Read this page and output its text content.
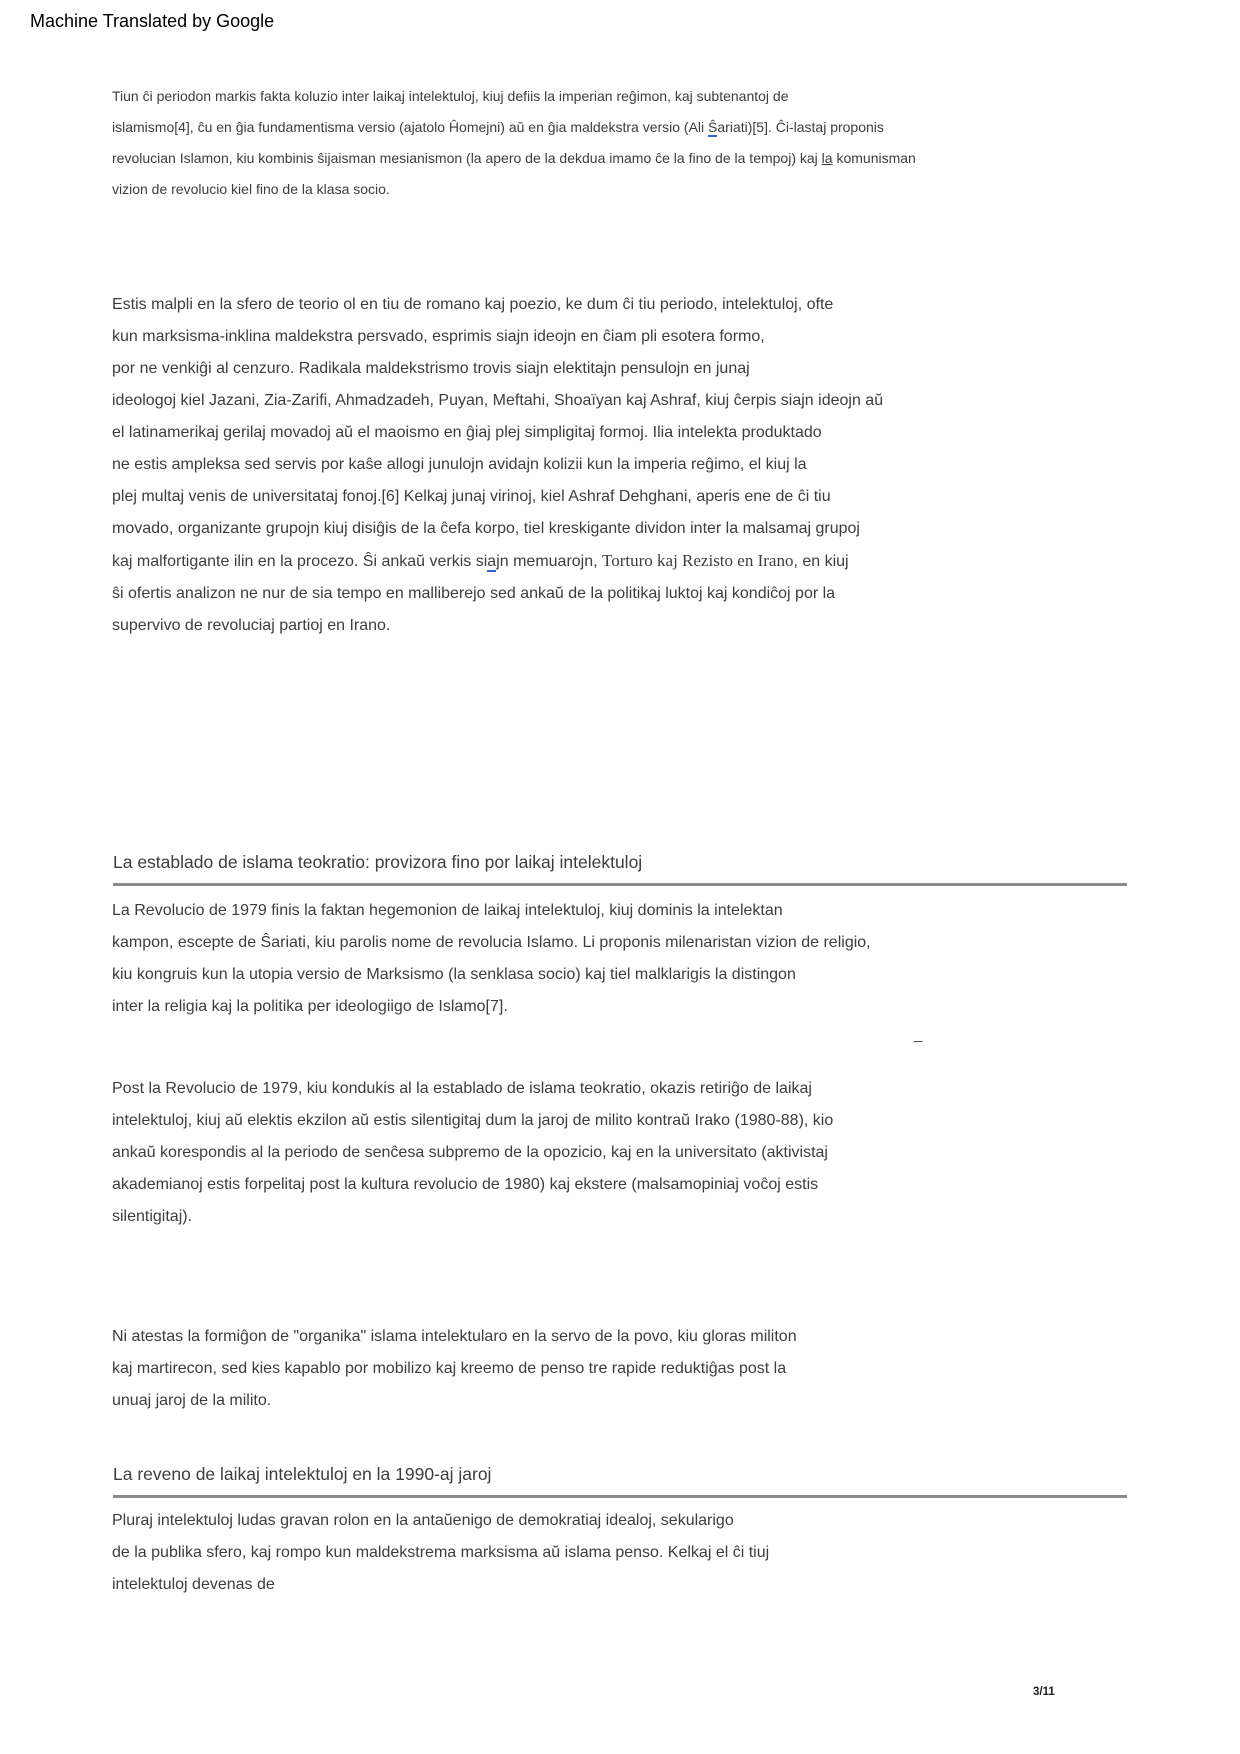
Machine Translated by Google
Tiun ĉi periodon markis fakta koluzio inter laikaj intelektuloj, kiuj defiis la imperian reĝimon, kaj subtenantoj de
islamismo[4], ĉu en ĝia fundamentisma versio (ajatolo Ĥomejni) aŭ en ĝia maldekstra versio (Ali Ŝariati)[5]. Ĉi-lastaj proponis
revolucian Islamon, kiu kombinis ŝijaisman mesianismon (la apero de la dekdua imamo ĉe la fino de la tempoj) kaj la komunisman
vizion de revolucio kiel fino de la klasa socio.
Estis malpli en la sfero de teorio ol en tiu de romano kaj poezio, ke dum ĉi tiu periodo, intelektuloj, ofte
kun marksisma-inklina maldekstra persvado, esprimis siajn ideojn en ĉiam pli esotera formo,
por ne venkiĝi al cenzuro. Radikala maldekstrismo trovis siajn elektitajn pensulojn en junaj
ideologoj kiel Jazani, Zia-Zarifi, Ahmadzadeh, Puyan, Meftahi, Shoaïyan kaj Ashraf, kiuj ĉerpis siajn ideojn aŭ
el latinamerikaj gerilaj movadoj aŭ el maoismo en ĝiaj plej simpligitaj formoj. Ilia intelekta produktado
ne estis ampleksa sed servis por kaŝe allogi junulojn avidajn kolizii kun la imperia reĝimo, el kiuj la
plej multaj venis de universitataj fonoj.[6] Kelkaj junaj virinoj, kiel Ashraf Dehghani, aperis ene de ĉi tiu
movado, organizante grupojn kiuj disiĝis de la ĉefa korpo, tiel kreskigante dividon inter la malsamaj grupoj
kaj malfortigante ilin en la procezo. Ŝi ankaŭ verkis siajn memuarojn, Torturo kaj Rezisto en Irano, en kiuj
ŝi ofertis analizon ne nur de sia tempo en malliberejo sed ankaŭ de la politikaj luktoj kaj kondiĉoj por la
supervivo de revoluciaj partioj en Irano.
La establado de islama teokratio: provizora fino por laikaj intelektuloj
La Revolucio de 1979 finis la faktan hegemonion de laikaj intelektuloj, kiuj dominis la intelektan
kampon, escepte de Ŝariati, kiu parolis nome de revolucia Islamo. Li proponis milenaristan vizion de religio,
kiu kongruis kun la utopia versio de Marksismo (la senklasa socio) kaj tiel malklarigis la distingon
inter la religia kaj la politika per ideologiigo de Islamo[7].
_
Post la Revolucio de 1979, kiu kondukis al la establado de islama teokratio, okazis retiriĝo de laikaj
intelektuloj, kiuj aŭ elektis ekzilon aŭ estis silentigitaj dum la jaroj de milito kontraŭ Irako (1980-88), kio
ankaŭ korespondis al la periodo de senĉesa subpremo de la opozicio, kaj en la universitato (aktivistaj
akademianoj estis forpelitaj post la kultura revolucio de 1980) kaj ekstere (malsamopiniaj voĉoj estis
silentigitaj).
Ni atestas la formiĝon de "organika" islama intelektularo en la servo de la povo, kiu gloras militon
kaj martirecon, sed kies kapablo por mobilizo kaj kreemo de penso tre rapide reduktiĝas post la
unuaj jaroj de la milito.
La reveno de laikaj intelektuloj en la 1990-aj jaroj
Pluraj intelektuloj ludas gravan rolon en la antaŭenigo de demokratiaj idealoj, sekularigo
de la publika sfero, kaj rompo kun maldekstrema marksisma aŭ islama penso. Kelkaj el ĉi tiuj
intelektuloj devenas de
3/11
